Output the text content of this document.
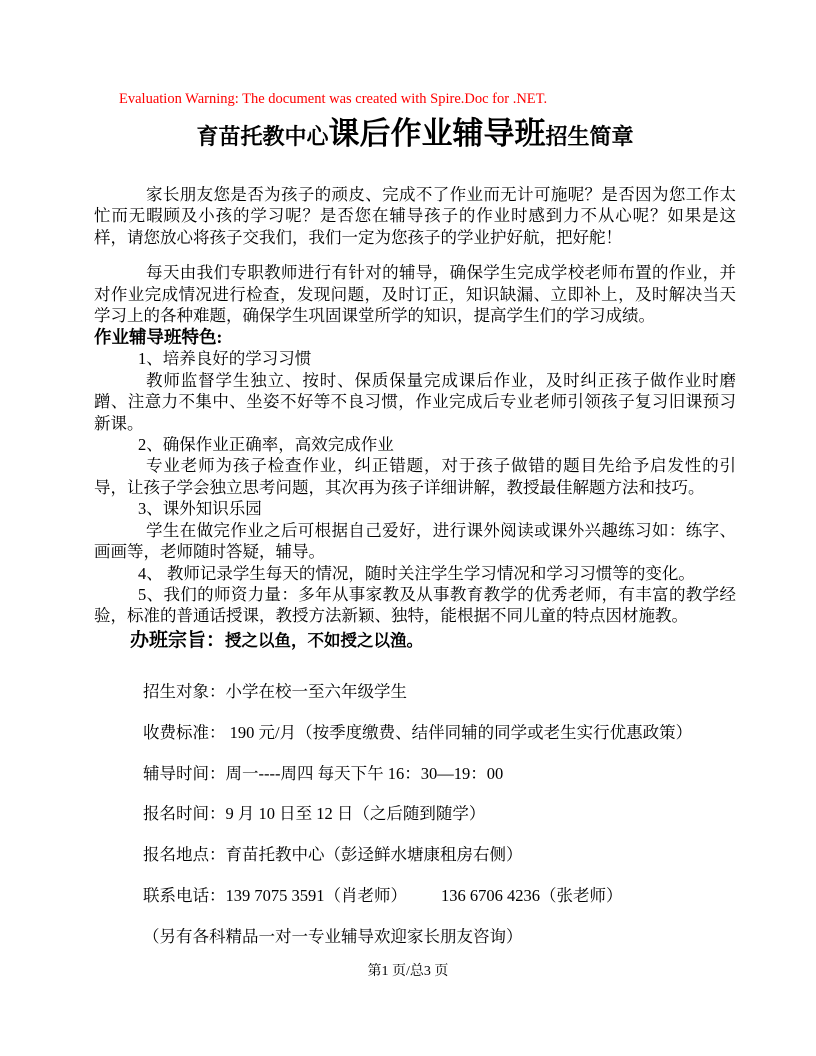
Evaluation Warning: The document was created with Spire.Doc for .NET.

育苗托教中心课后作业辅导班招生简章

家长朋友您是否为孩子的顽皮、完成不了作业而无计可施呢？是否因为您工作太忙而无暇顾及小孩的学习呢？是否您在辅导孩子的作业时感到力不从心呢？如果是这样，请您放心将孩子交我们，我们一定为您孩子的学业护好航，把好舵！

每天由我们专职教师进行有针对的辅导，确保学生完成学校老师布置的作业，并对作业完成情况进行检查，发现问题，及时订正，知识缺漏、立即补上，及时解决当天学习上的各种难题，确保学生巩固课堂所学的知识，提高学生们的学习成绩。

作业辅导班特色:

1、培养良好的学习习惯

教师监督学生独立、按时、保质保量完成课后作业，及时纠正孩子做作业时磨蹭、注意力不集中、坐姿不好等不良习惯，作业完成后专业老师引领孩子复习旧课预习新课。

2、确保作业正确率，高效完成作业

专业老师为孩子检查作业，纠正错题，对于孩子做错的题目先给予启发性的引导，让孩子学会独立思考问题，其次再为孩子详细讲解，教授最佳解题方法和技巧。

3、课外知识乐园

学生在做完作业之后可根据自己爱好，进行课外阅读或课外兴趣练习如：练字、画画等，老师随时答疑，辅导。

4、 教师记录学生每天的情况，随时关注学生学习情况和学习习惯等的变化。

5、我们的师资力量：多年从事家教及从事教育教学的优秀老师，有丰富的教学经验，标准的普通话授课，教授方法新颖、独特，能根据不同儿童的特点因材施教。

办班宗旨：授之以鱼，不如授之以渔。

招生对象：小学在校一至六年级学生

收费标准： 190 元/月（按季度缴费、结伴同辅的同学或老生实行优惠政策）

辅导时间：周一----周四 每天下午 16：30—19：00

报名时间：9 月 10 日至 12 日（之后随到随学）

报名地点：育苗托教中心（彭迳鲜水塘康租房右侧）

联系电话：139 7075 3591（肖老师） 136 6706 4236（张老师）

（另有各科精品一对一专业辅导欢迎家长朋友咨询）

第1 页/总3 页
